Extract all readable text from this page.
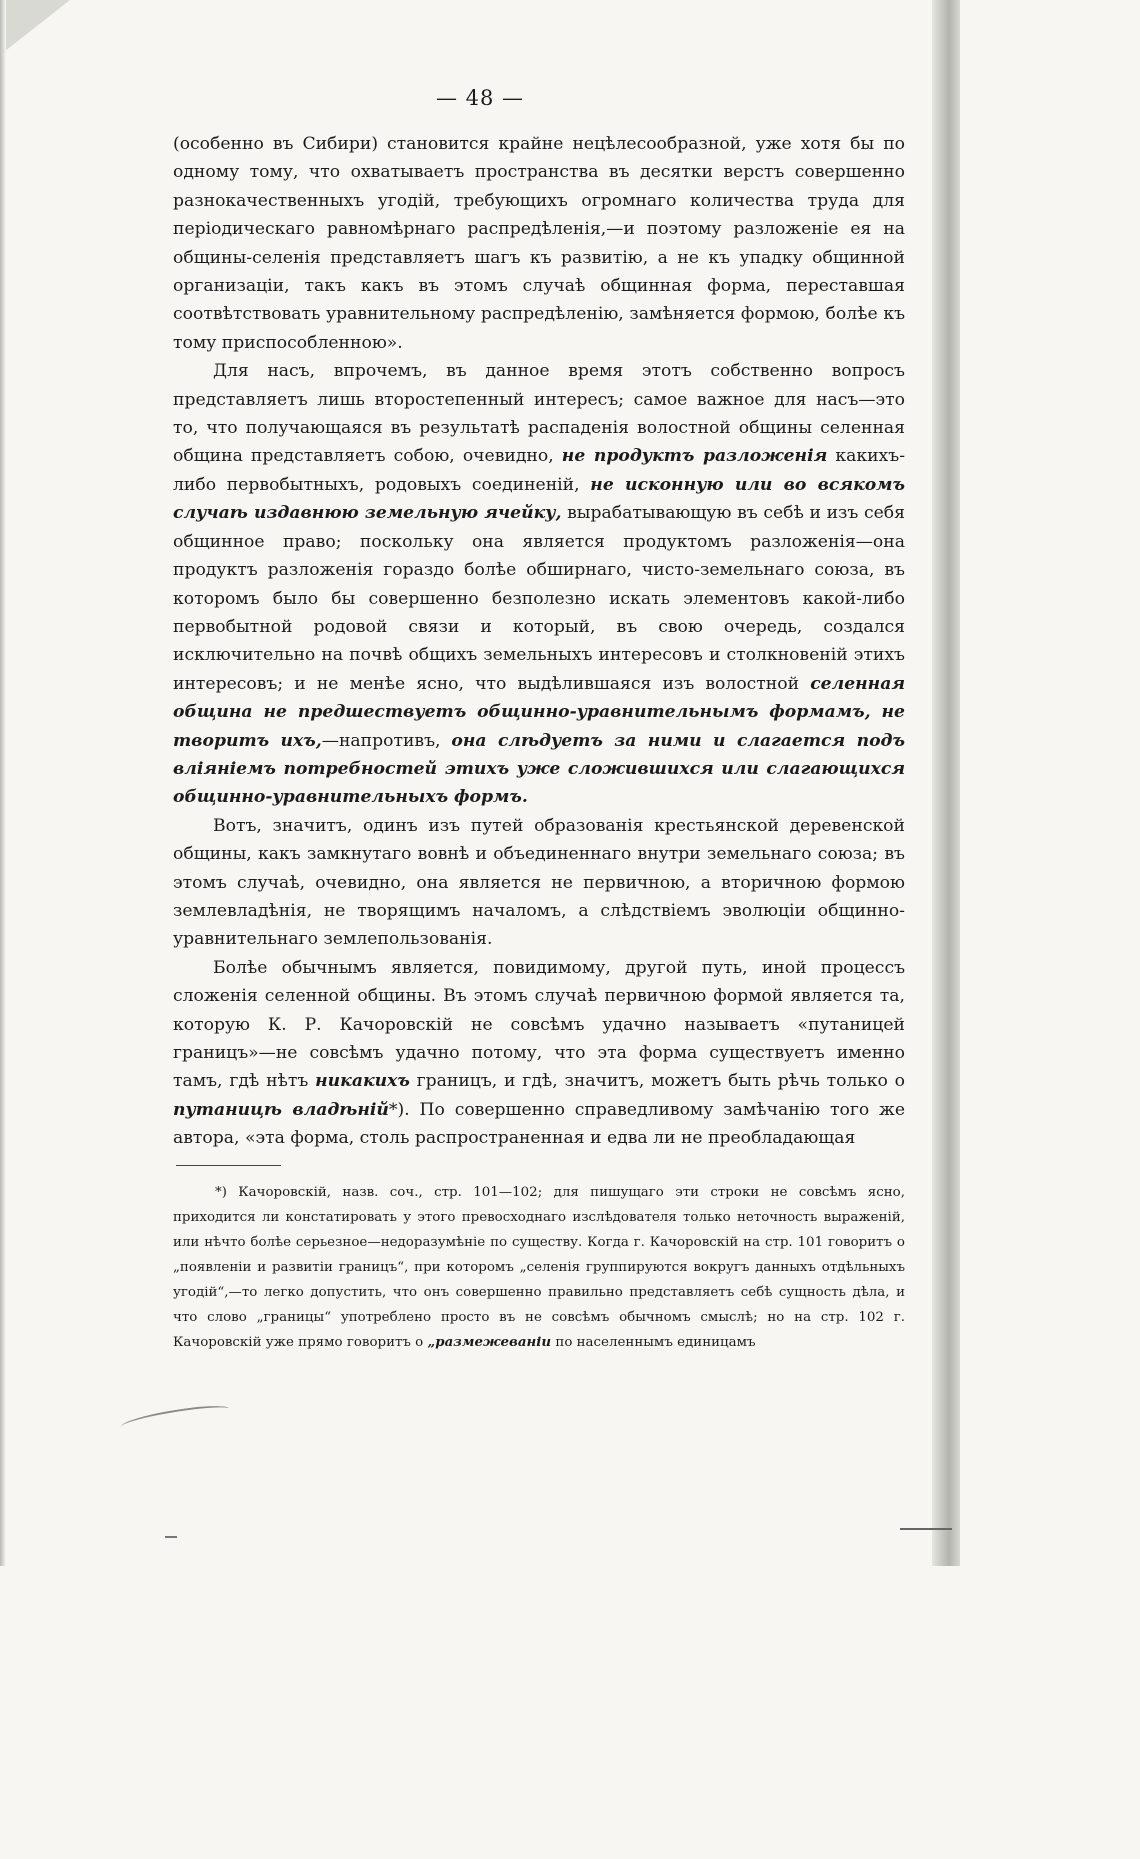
— 48 —

(особенно въ Сибири) становится крайне нецѣлесообразной, уже хотя бы по одному тому, что охватываетъ пространства въ десятки верстъ совершенно разнокачественныхъ угодій, требующихъ огромнаго количества труда для періодическаго равномѣрнаго распредѣленія,—и поэтому разложеніе ея на общины-селенія представляетъ шагъ къ развитію, а не къ упадку общинной организаціи, такъ какъ въ этомъ случаѣ общинная форма, переставшая соотвѣтствовать уравнительному распредѣленію, замѣняется формою, болѣе къ тому приспособленною».

Для насъ, впрочемъ, въ данное время этотъ собственно вопросъ представляетъ лишь второстепенный интересъ; самое важное для насъ—это то, что получающаяся въ результатѣ распаденія волостной общины селенная община представляетъ собою, очевидно, не продуктъ разложенія какихъ-либо первобытныхъ, родовыхъ соединеній, не исконную или во всякомъ случаѣ издавнюю земельную ячейку, вырабатывающую въ себѣ и изъ себя общинное право; поскольку она является продуктомъ разложенія—она продуктъ разложенія гораздо болѣе обширнаго, чисто-земельнаго союза, въ которомъ было бы совершенно безполезно искать элементовъ какой-либо первобытной родовой связи и который, въ свою очередь, создался исключительно на почвѣ общихъ земельныхъ интересовъ и столкновеній этихъ интересовъ; и не менѣе ясно, что выдѣлившаяся изъ волостной селенная община не предшествуетъ общинно-уравнительнымъ формамъ, не творитъ ихъ,—напротивъ, она слѣдуетъ за ними и слагается подъ вліяніемъ потребностей этихъ уже сложившихся или слагающихся общинно-уравнительныхъ формъ.

Вотъ, значитъ, одинъ изъ путей образованія крестьянской деревенской общины, какъ замкнутаго вовнѣ и объединеннаго внутри земельнаго союза; въ этомъ случаѣ, очевидно, она является не первичною, а вторичною формою землевладѣнія, не творящимъ началомъ, а слѣдствіемъ эволюціи общинно-уравнительнаго землепользованія.

Болѣе обычнымъ является, повидимому, другой путь, иной процессъ сложенія селенной общины. Въ этомъ случаѣ первичною формой является та, которую К. Р. Качоровскій не совсѣмъ удачно называетъ «путаницей границъ»—не совсѣмъ удачно потому, что эта форма существуетъ именно тамъ, гдѣ нѣтъ никакихъ границъ, и гдѣ, значитъ, можетъ быть рѣчь только о путаницѣ владѣній*). По совершенно справедливому замѣчанію того же автора, «эта форма, столь распространенная и едва ли не преобладающая

*) Качоровскій, назв. соч., стр. 101—102; для пишущаго эти строки не совсѣмъ ясно, приходится ли констатировать у этого превосходнаго изслѣдователя только неточность выраженій, или нѣчто болѣе серьезное—недоразумѣніе по существу. Когда г. Качоровскій на стр. 101 говоритъ о „появленіи и развитіи границъ“, при которомъ „селенія группируются вокругъ данныхъ отдѣльныхъ угодій“,—то легко допустить, что онъ совершенно правильно представляетъ себѣ сущность дѣла, и что слово „границы“ употреблено просто въ не совсѣмъ обычномъ смыслѣ; но на стр. 102 г. Качоровскій уже прямо говоритъ о „размежеваніи по населеннымъ единицамъ
